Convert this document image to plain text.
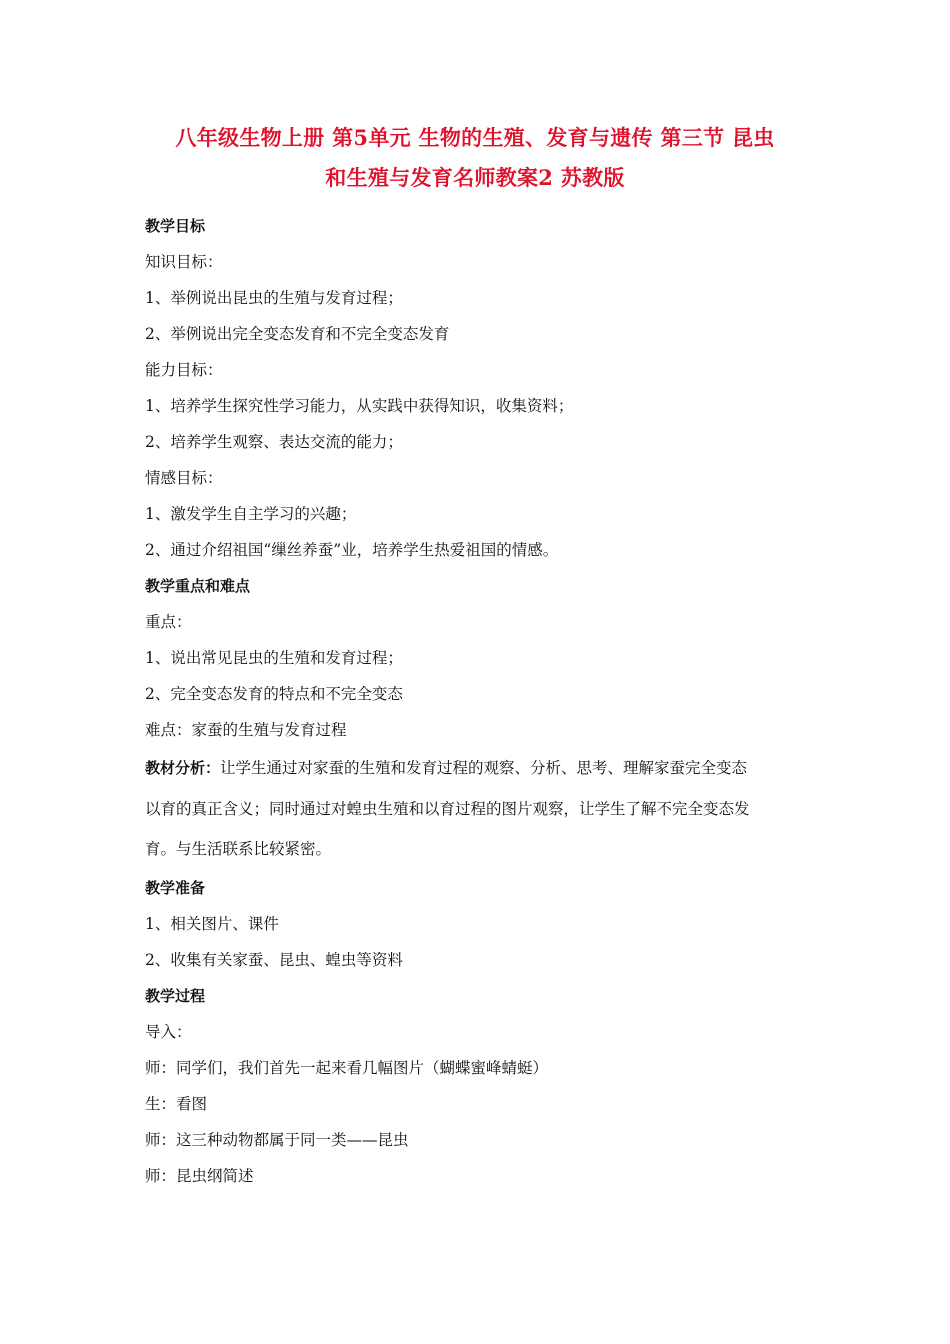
八年级生物上册 第5单元 生物的生殖、发育与遗传 第三节 昆虫
和生殖与发育名师教案2 苏教版
教学目标
知识目标：
1、举例说出昆虫的生殖与发育过程；
2、举例说出完全变态发育和不完全变态发育
能力目标：
1、培养学生探究性学习能力，从实践中获得知识，收集资料；
2、培养学生观察、表达交流的能力；
情感目标：
1、激发学生自主学习的兴趣；
2、通过介绍祖国“缫丝养蚕”业，培养学生热爱祖国的情感。
教学重点和难点
重点：
1、说出常见昆虫的生殖和发育过程；
2、完全变态发育的特点和不完全变态
难点：家蚕的生殖与发育过程

教材分析：让学生通过对家蚕的生殖和发育过程的观察、分析、思考、理解家蚕完全变态
以育的真正含义；同时通过对蝗虫生殖和以育过程的图片观察，让学生了解不完全变态发
育。与生活联系比较紧密。

教学准备
1、相关图片、课件
2、收集有关家蚕、昆虫、蝗虫等资料
教学过程
导入：
师：同学们，我们首先一起来看几幅图片（蝴蝶蜜峰蜻蜓）
生：看图
师：这三种动物都属于同一类——昆虫
师：昆虫纲简述
